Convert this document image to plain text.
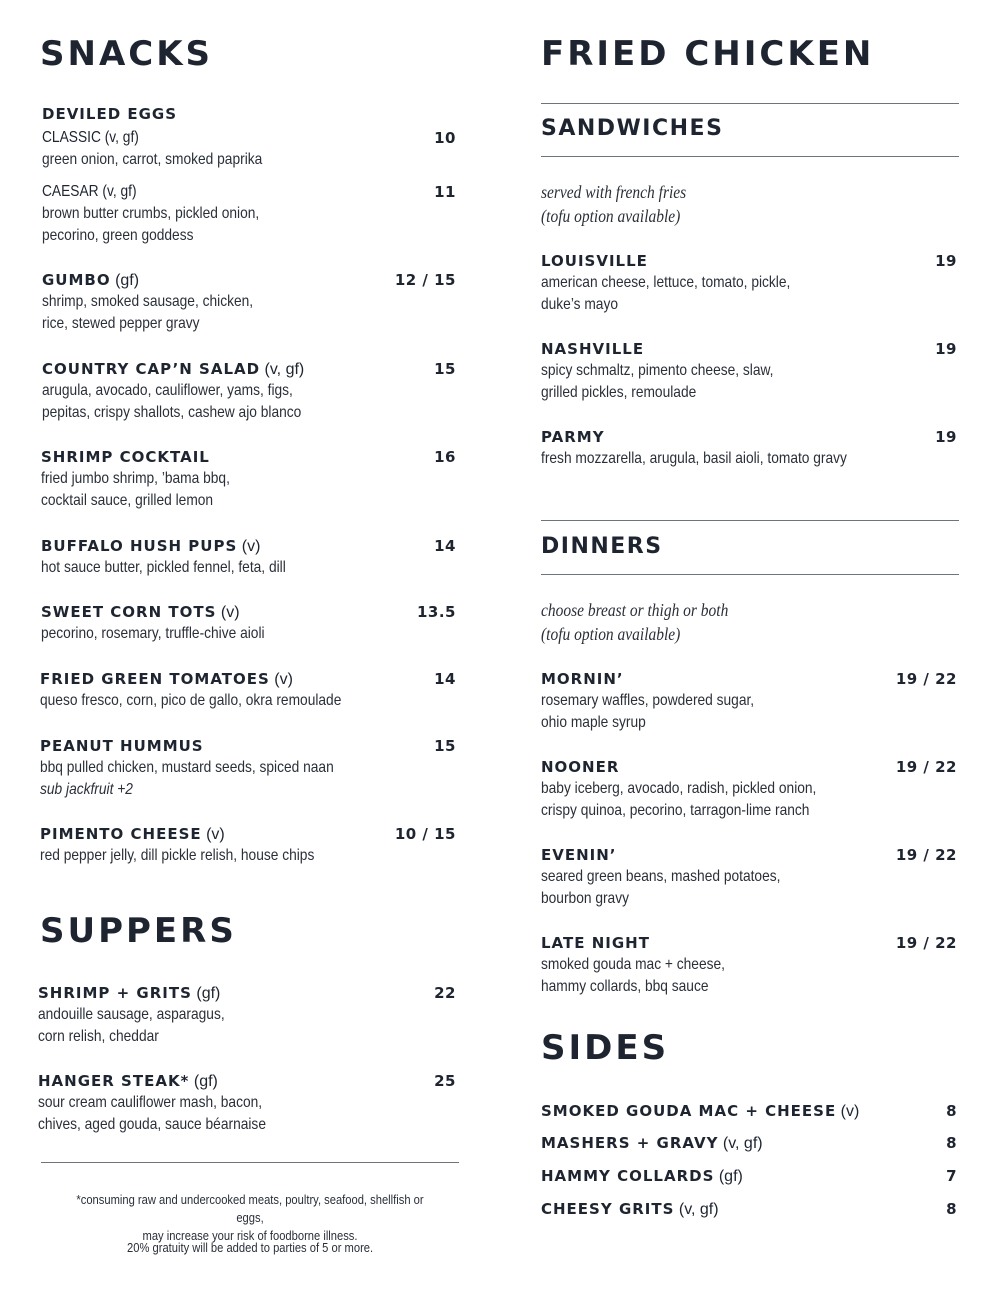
SNACKS
DEVILED EGGS
CLASSIC (v, gf)	10
green onion, carrot, smoked paprika
CAESAR (v, gf)	11
brown butter crumbs, pickled onion,
pecorino, green goddess
GUMBO (gf)	12 / 15
shrimp, smoked sausage, chicken,
rice, stewed pepper gravy
COUNTRY CAP’N SALAD (v, gf)	15
arugula, avocado, cauliflower, yams, figs,
pepitas, crispy shallots, cashew ajo blanco
SHRIMP COCKTAIL	16
fried jumbo shrimp, ’bama bbq,
cocktail sauce, grilled lemon
BUFFALO HUSH PUPS (v)	14
hot sauce butter, pickled fennel, feta, dill
SWEET CORN TOTS (v)	13.5
pecorino, rosemary, truffle-chive aioli
FRIED GREEN TOMATOES (v)	14
queso fresco, corn, pico de gallo, okra remoulade
PEANUT HUMMUS	15
bbq pulled chicken, mustard seeds, spiced naan
sub jackfruit +2
PIMENTO CHEESE (v)	10 / 15
red pepper jelly, dill pickle relish, house chips
SUPPERS
SHRIMP + GRITS (gf)	22
andouille sausage, asparagus,
corn relish, cheddar
HANGER STEAK* (gf)	25
sour cream cauliflower mash, bacon,
chives, aged gouda, sauce béarnaise
*consuming raw and undercooked meats, poultry, seafood, shellfish or eggs,
may increase your risk of foodborne illness.
20% gratuity will be added to parties of 5 or more.
FRIED CHICKEN
SANDWICHES
served with french fries
(tofu option available)
LOUISVILLE	19
american cheese, lettuce, tomato, pickle,
duke’s mayo
NASHVILLE	19
spicy schmaltz, pimento cheese, slaw,
grilled pickles, remoulade
PARMY	19
fresh mozzarella, arugula, basil aioli, tomato gravy
DINNERS
choose breast or thigh or both
(tofu option available)
MORNIN’	19 / 22
rosemary waffles, powdered sugar,
ohio maple syrup
NOONER	19 / 22
baby iceberg, avocado, radish, pickled onion,
crispy quinoa, pecorino, tarragon-lime ranch
EVENIN’	19 / 22
seared green beans, mashed potatoes,
bourbon gravy
LATE NIGHT	19 / 22
smoked gouda mac + cheese,
hammy collards, bbq sauce
SIDES
SMOKED GOUDA MAC + CHEESE (v)	8
MASHERS + GRAVY (v, gf)	8
HAMMY COLLARDS (gf)	7
CHEESY GRITS (v, gf)	8
